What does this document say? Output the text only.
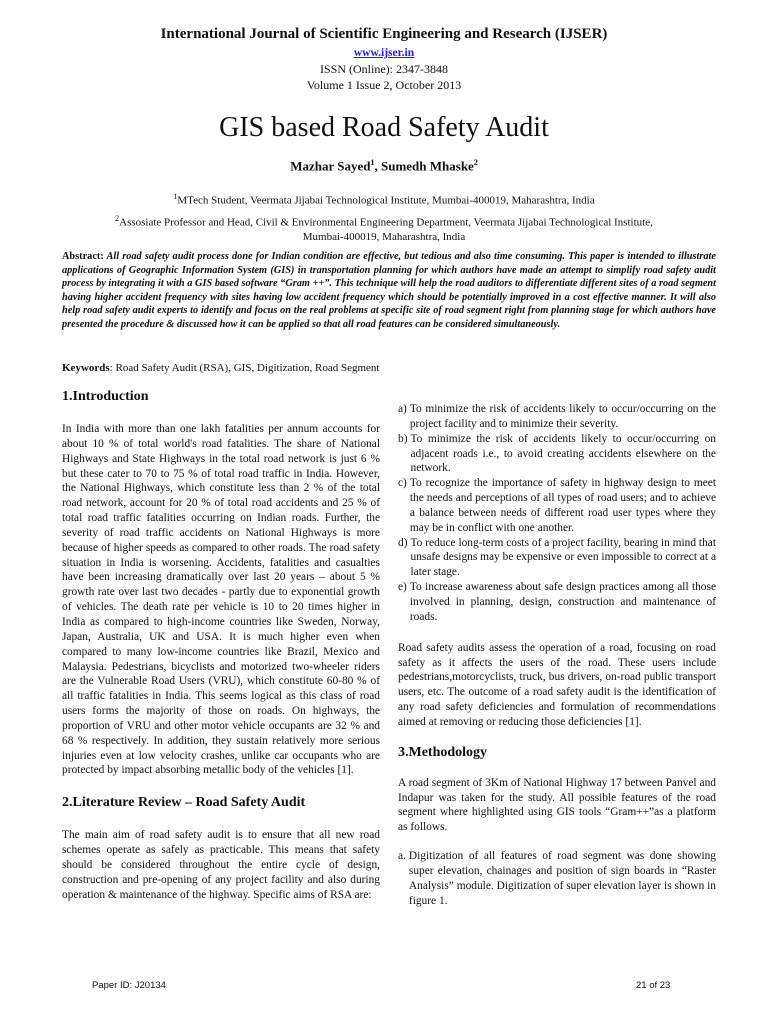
International Journal of Scientific Engineering and Research (IJSER)
www.ijser.in
ISSN (Online): 2347-3848
Volume 1 Issue 2, October 2013
GIS based Road Safety Audit
Mazhar Sayed$^1$, Sumedh Mhaske$^2$
$^1$MTech Student, Veermata Jijabai Technological Institute, Mumbai-400019, Maharashtra, India
$^2$Assosiate Professor and Head, Civil & Environmental Engineering Department, Veermata Jijabai Technological Institute, Mumbai-400019, Maharashtra, India
Abstract: All road safety audit process done for Indian condition are effective, but tedious and also time consuming. This paper is intended to illustrate applications of Geographic Information System (GIS) in transportation planning for which authors have made an attempt to simplify road safety audit process by integrating it with a GIS based software “Gram ++”. This technique will help the road auditors to differentiate different sites of a road segment having higher accident frequency with sites having low accident frequency which should be potentially improved in a cost effective manner. It will also help road safety audit experts to identify and focus on the real problems at specific site of road segment right from planning stage for which authors have presented the procedure & discussed how it can be applied so that all road features can be considered simultaneously.
Keywords: Road Safety Audit (RSA), GIS, Digitization, Road Segment
1.Introduction

In India with more than one lakh fatalities per annum accounts for about 10 % of total world's road fatalities. The share of National Highways and State Highways in the total road network is just 6 % but these cater to 70 to 75 % of total road traffic in India. However, the National Highways, which constitute less than 2 % of the total road network, account for 20 % of total road accidents and 25 % of total road traffic fatalities occurring on Indian roads. Further, the severity of road traffic accidents on National Highways is more because of higher speeds as compared to other roads. The road safety situation in India is worsening. Accidents, fatalities and casualties have been increasing dramatically over last 20 years – about 5 % growth rate over last two decades - partly due to exponential growth of vehicles. The death rate per vehicle is 10 to 20 times higher in India as compared to high-income countries like Sweden, Norway, Japan, Australia, UK and USA. It is much higher even when compared to many low-income countries like Brazil, Mexico and Malaysia. Pedestrians, bicyclists and motorized two-wheeler riders are the Vulnerable Road Users (VRU), which constitute 60-80 % of all traffic fatalities in India. This seems logical as this class of road users forms the majority of those on roads. On highways, the proportion of VRU and other motor vehicle occupants are 32 % and 68 % respectively. In addition, they sustain relatively more serious injuries even at low velocity crashes, unlike car occupants who are protected by impact absorbing metallic body of the vehicles [1].

2.Literature Review – Road Safety Audit

The main aim of road safety audit is to ensure that all new road schemes operate as safely as practicable. This means that safety should be considered throughout the entire cycle of design, construction and pre-opening of any project facility and also during operation & maintenance of the highway. Specific aims of RSA are:

a) To minimize the risk of accidents likely to occur/occurring on the project facility and to minimize their severity.
b) To minimize the risk of accidents likely to occur/occurring on adjacent roads i.e., to avoid creating accidents elsewhere on the network.
c) To recognize the importance of safety in highway design to meet the needs and perceptions of all types of road users; and to achieve a balance between needs of different road user types where they may be in conflict with one another.
d) To reduce long-term costs of a project facility, bearing in mind that unsafe designs may be expensive or even impossible to correct at a later stage.
e) To increase awareness about safe design practices among all those involved in planning, design, construction and maintenance of roads.

Road safety audits assess the operation of a road, focusing on road safety as it affects the users of the road. These users include pedestrians,motorcyclists, truck, bus drivers, on-road public transport users, etc. The outcome of a road safety audit is the identification of any road safety deficiencies and formulation of recommendations aimed at removing or reducing those deficiencies [1].

3.Methodology

A road segment of 3Km of National Highway 17 between Panvel and Indapur was taken for the study. All possible features of the road segment where highlighted using GIS tools “Gram++”as a platform as follows.

a. Digitization of all features of road segment was done showing super elevation, chainages and position of sign boards in “Raster Analysis” module. Digitization of super elevation layer is shown in figure 1.
Paper ID: J20134	21 of 23
